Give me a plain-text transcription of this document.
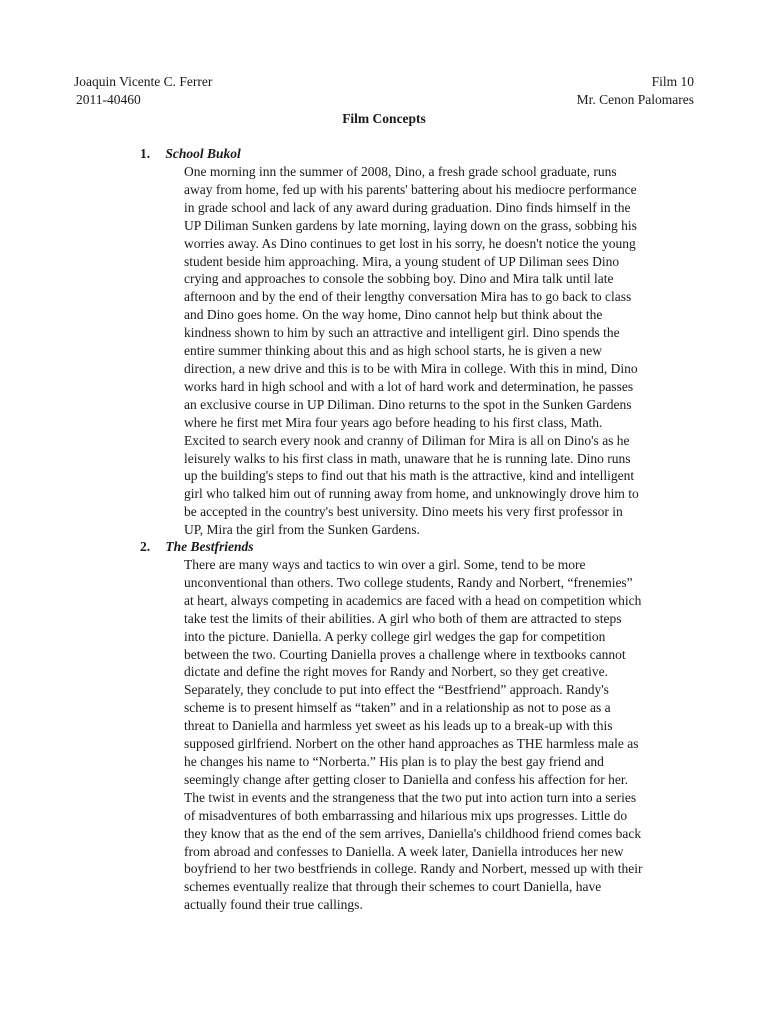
Joaquin Vicente C. Ferrer	Film 10
2011-40460	Mr. Cenon Palomares
Film Concepts
1. School Bukol
One morning inn the summer of 2008, Dino, a fresh grade school graduate, runs
away from home, fed up with his parents' battering about his mediocre performance
in grade school and lack of any award during graduation. Dino finds himself in the
UP Diliman Sunken gardens by late morning, laying down on the grass, sobbing his
worries away. As Dino continues to get lost in his sorry, he doesn't notice the young
student beside him approaching. Mira, a young student of UP Diliman sees Dino
crying and approaches to console the sobbing boy. Dino and Mira talk until late
afternoon and by the end of their lengthy conversation Mira has to go back to class
and Dino goes home. On the way home, Dino cannot help but think about the
kindness shown to him by such an attractive and intelligent girl. Dino spends the
entire summer thinking about this and as high school starts, he is given a new
direction, a new drive and this is to be with Mira in college. With this in mind, Dino
works hard in high school and with a lot of hard work and determination, he passes
an exclusive course in UP Diliman. Dino returns to the spot in the Sunken Gardens
where he first met Mira four years ago before heading to his first class, Math.
Excited to search every nook and cranny of Diliman for Mira is all on Dino's as he
leisurely walks to his first class in math, unaware that he is running late. Dino runs
up the building's steps to find out that his math is the attractive, kind and intelligent
girl who talked him out of running away from home, and unknowingly drove him to
be accepted in the country's best university. Dino meets his very first professor in
UP, Mira the girl from the Sunken Gardens.
2. The Bestfriends
There are many ways and tactics to win over a girl. Some, tend to be more
unconventional than others. Two college students, Randy and Norbert, “frenemies”
at heart, always competing in academics are faced with a head on competition which
take test the limits of their abilities. A girl who both of them are attracted to steps
into the picture. Daniella. A perky college girl wedges the gap for competition
between the two. Courting Daniella proves a challenge where in textbooks cannot
dictate and define the right moves for Randy and Norbert, so they get creative.
Separately, they conclude to put into effect the “Bestfriend” approach. Randy's
scheme is to present himself as “taken” and in a relationship as not to pose as a
threat to Daniella and harmless yet sweet as his leads up to a break-up with this
supposed girlfriend. Norbert on the other hand approaches as THE harmless male as
he changes his name to “Norberta.” His plan is to play the best gay friend and
seemingly change after getting closer to Daniella and confess his affection for her.
The twist in events and the strangeness that the two put into action turn into a series
of misadventures of both embarrassing and hilarious mix ups progresses. Little do
they know that as the end of the sem arrives, Daniella's childhood friend comes back
from abroad and confesses to Daniella. A week later, Daniella introduces her new
boyfriend to her two bestfriends in college. Randy and Norbert, messed up with their
schemes eventually realize that through their schemes to court Daniella, have
actually found their true callings.
